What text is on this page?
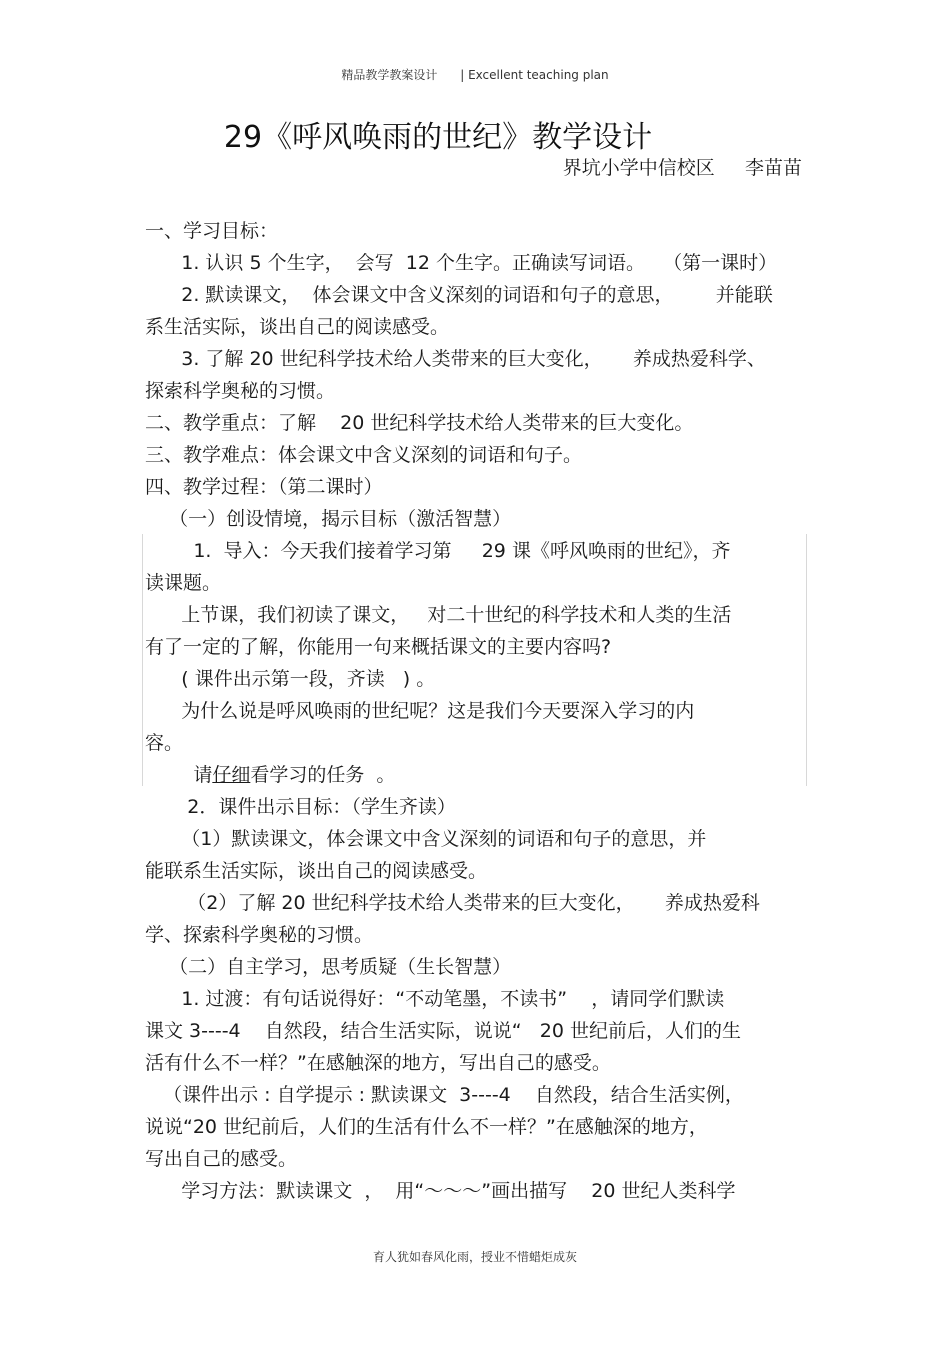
精品教学教案设计      | Excellent teaching plan
29《呼风唤雨的世纪》教学设计
界坑小学中信校区     李苗苗
一、学习目标：
1. 认识 5 个生字，  会写  12 个生字。正确读写词语。   （第一课时）
2. 默读课文，  体会课文中含义深刻的词语和句子的意思，       并能联
系生活实际，谈出自己的阅读感受。
3. 了解 20 世纪科学技术给人类带来的巨大变化，     养成热爱科学、
探索科学奥秘的习惯。
二、教学重点：了解    20 世纪科学技术给人类带来的巨大变化。
三、教学难点：体会课文中含义深刻的词语和句子。
四、教学过程：（第二课时）
（一）创设情境，揭示目标（激活智慧）
1.  导入：今天我们接着学习第     29 课《呼风唤雨的世纪》，齐
读课题。
上节课，我们初读了课文，   对二十世纪的科学技术和人类的生活
有了一定的了解，你能用一句来概括课文的主要内容吗?
( 课件出示第一段，齐读   ) 。
为什么说是呼风唤雨的世纪呢？这是我们今天要深入学习的内
容。
请仔细看学习的任务  。
2．课件出示目标：（学生齐读）
（1）默读课文，体会课文中含义深刻的词语和句子的意思，并
能联系生活实际，谈出自己的阅读感受。
（2）了解 20 世纪科学技术给人类带来的巨大变化，     养成热爱科
学、探索科学奥秘的习惯。
（二）自主学习，思考质疑（生长智慧）
1. 过渡：有句话说得好：“不动笔墨，不读书”    ，请同学们默读
课文 3----4    自然段，结合生活实际，说说“   20 世纪前后，人们的生
活有什么不一样？”在感触深的地方，写出自己的感受。
（课件出示 : 自学提示 : 默读课文  3----4    自然段，结合生活实例，
说说“20 世纪前后，人们的生活有什么不一样？”在感触深的地方，
写出自己的感受。
学习方法：默读课文  ，  用“～～～”画出描写    20 世纪人类科学
育人犹如春风化雨，授业不惜蜡炬成灰
